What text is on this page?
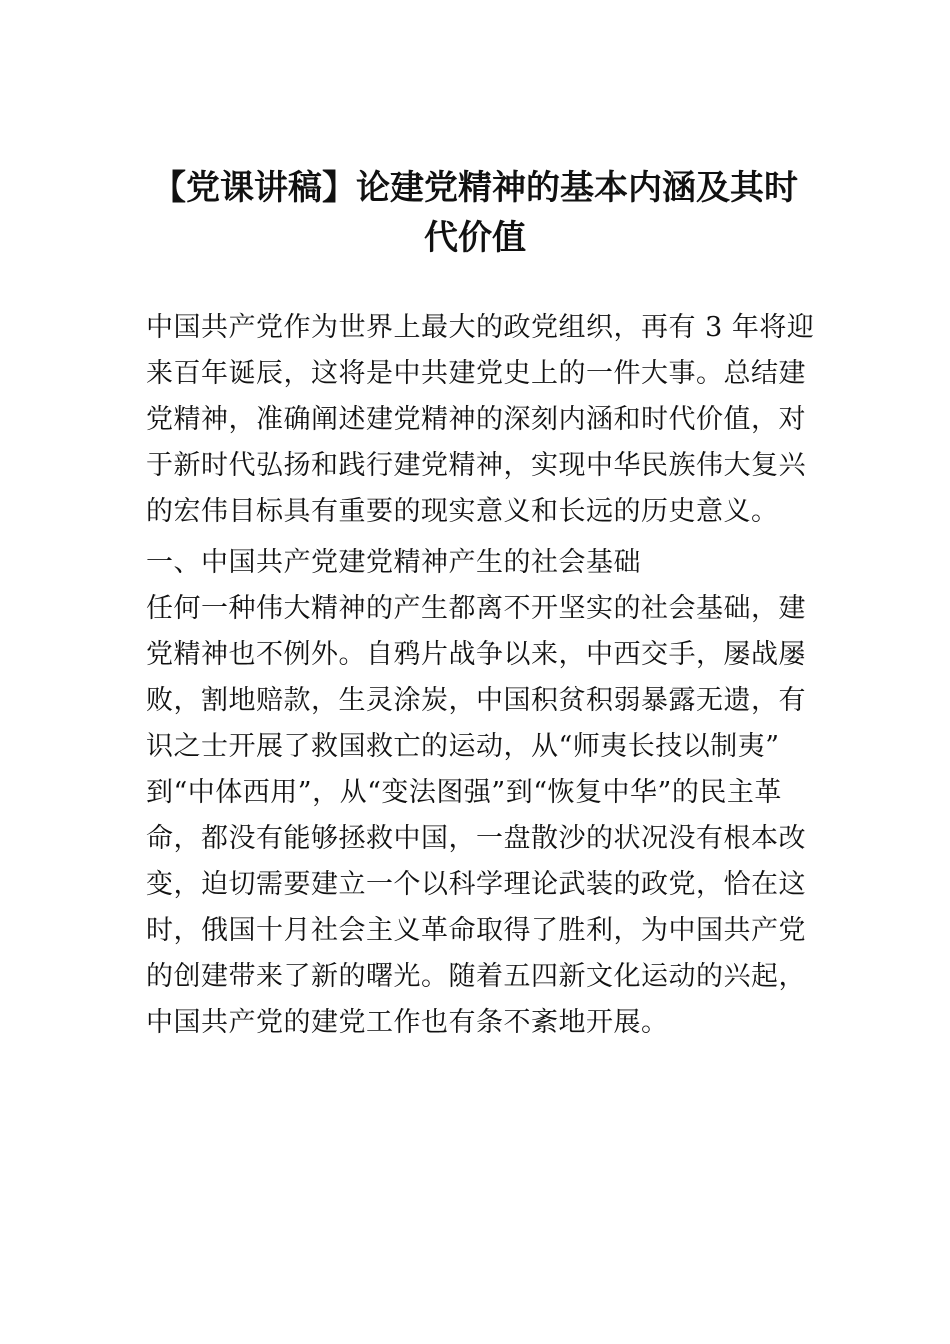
【党课讲稿】论建党精神的基本内涵及其时
代价值
中国共产党作为世界上最大的政党组织，再有 3 年将迎
来百年诞辰，这将是中共建党史上的一件大事。总结建
党精神，准确阐述建党精神的深刻内涵和时代价值，对
于新时代弘扬和践行建党精神，实现中华民族伟大复兴
的宏伟目标具有重要的现实意义和长远的历史意义。
一、中国共产党建党精神产生的社会基础
任何一种伟大精神的产生都离不开坚实的社会基础，建
党精神也不例外。自鸦片战争以来，中西交手，屡战屡
败，割地赔款，生灵涂炭，中国积贫积弱暴露无遗，有
识之士开展了救国救亡的运动，从“师夷长技以制夷”
到“中体西用”，从“变法图强”到“恢复中华”的民主革
命，都没有能够拯救中国，一盘散沙的状况没有根本改
变，迫切需要建立一个以科学理论武装的政党，恰在这
时，俄国十月社会主义革命取得了胜利，为中国共产党
的创建带来了新的曙光。随着五四新文化运动的兴起，
中国共产党的建党工作也有条不紊地开展。
